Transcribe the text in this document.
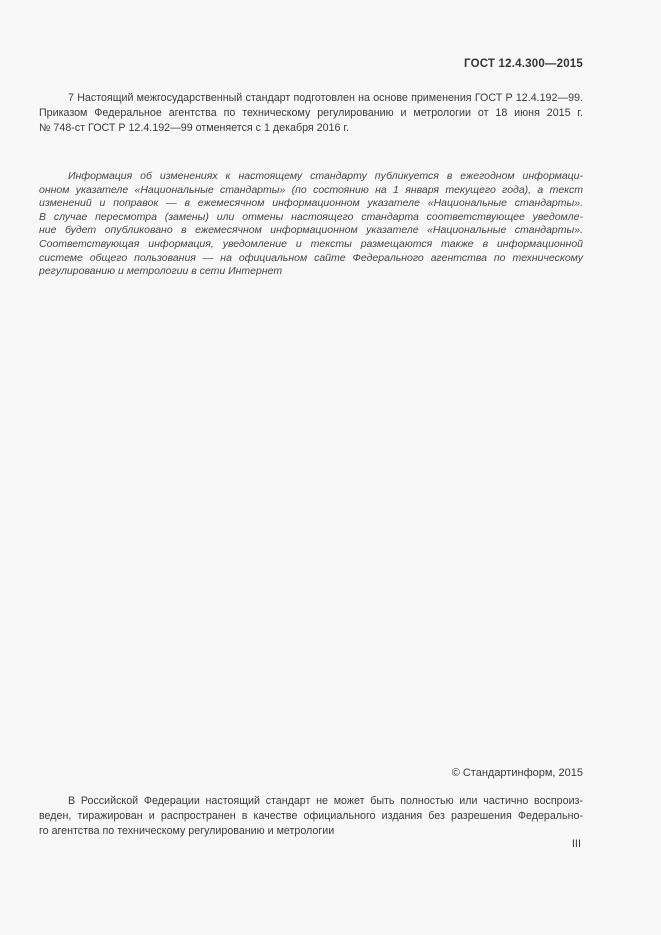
ГОСТ 12.4.300—2015
7 Настоящий межгосударственный стандарт подготовлен на основе применения ГОСТ Р 12.4.192—99.
Приказом Федеральное агентства по техническому регулированию и метрологии от 18 июня 2015 г.
№ 748-ст ГОСТ Р 12.4.192—99 отменяется с 1 декабря 2016 г.
Информация об изменениях к настоящему стандарту публикуется в ежегодном информаци-
онном указателе «Национальные стандарты» (по состоянию на 1 января текущего года), а текст
изменений и поправок — в ежемесячном информационном указателе «Национальные стандарты».
В случае пересмотра (замены) или отмены настоящего стандарта соответствующее уведомле-
ние будет опубликовано в ежемесячном информационном указателе «Национальные стандарты».
Соответствующая информация, уведомление и тексты размещаются также в информационной
системе общего пользования — на официальном сайте Федерального агентства по техническому
регулированию и метрологии в сети Интернет
© Стандартинформ, 2015
В Российской Федерации настоящий стандарт не может быть полностью или частично воспроиз-
веден, тиражирован и распространен в качестве официального издания без разрешения Федерально-
го агентства по техническому регулированию и метрологии
III
